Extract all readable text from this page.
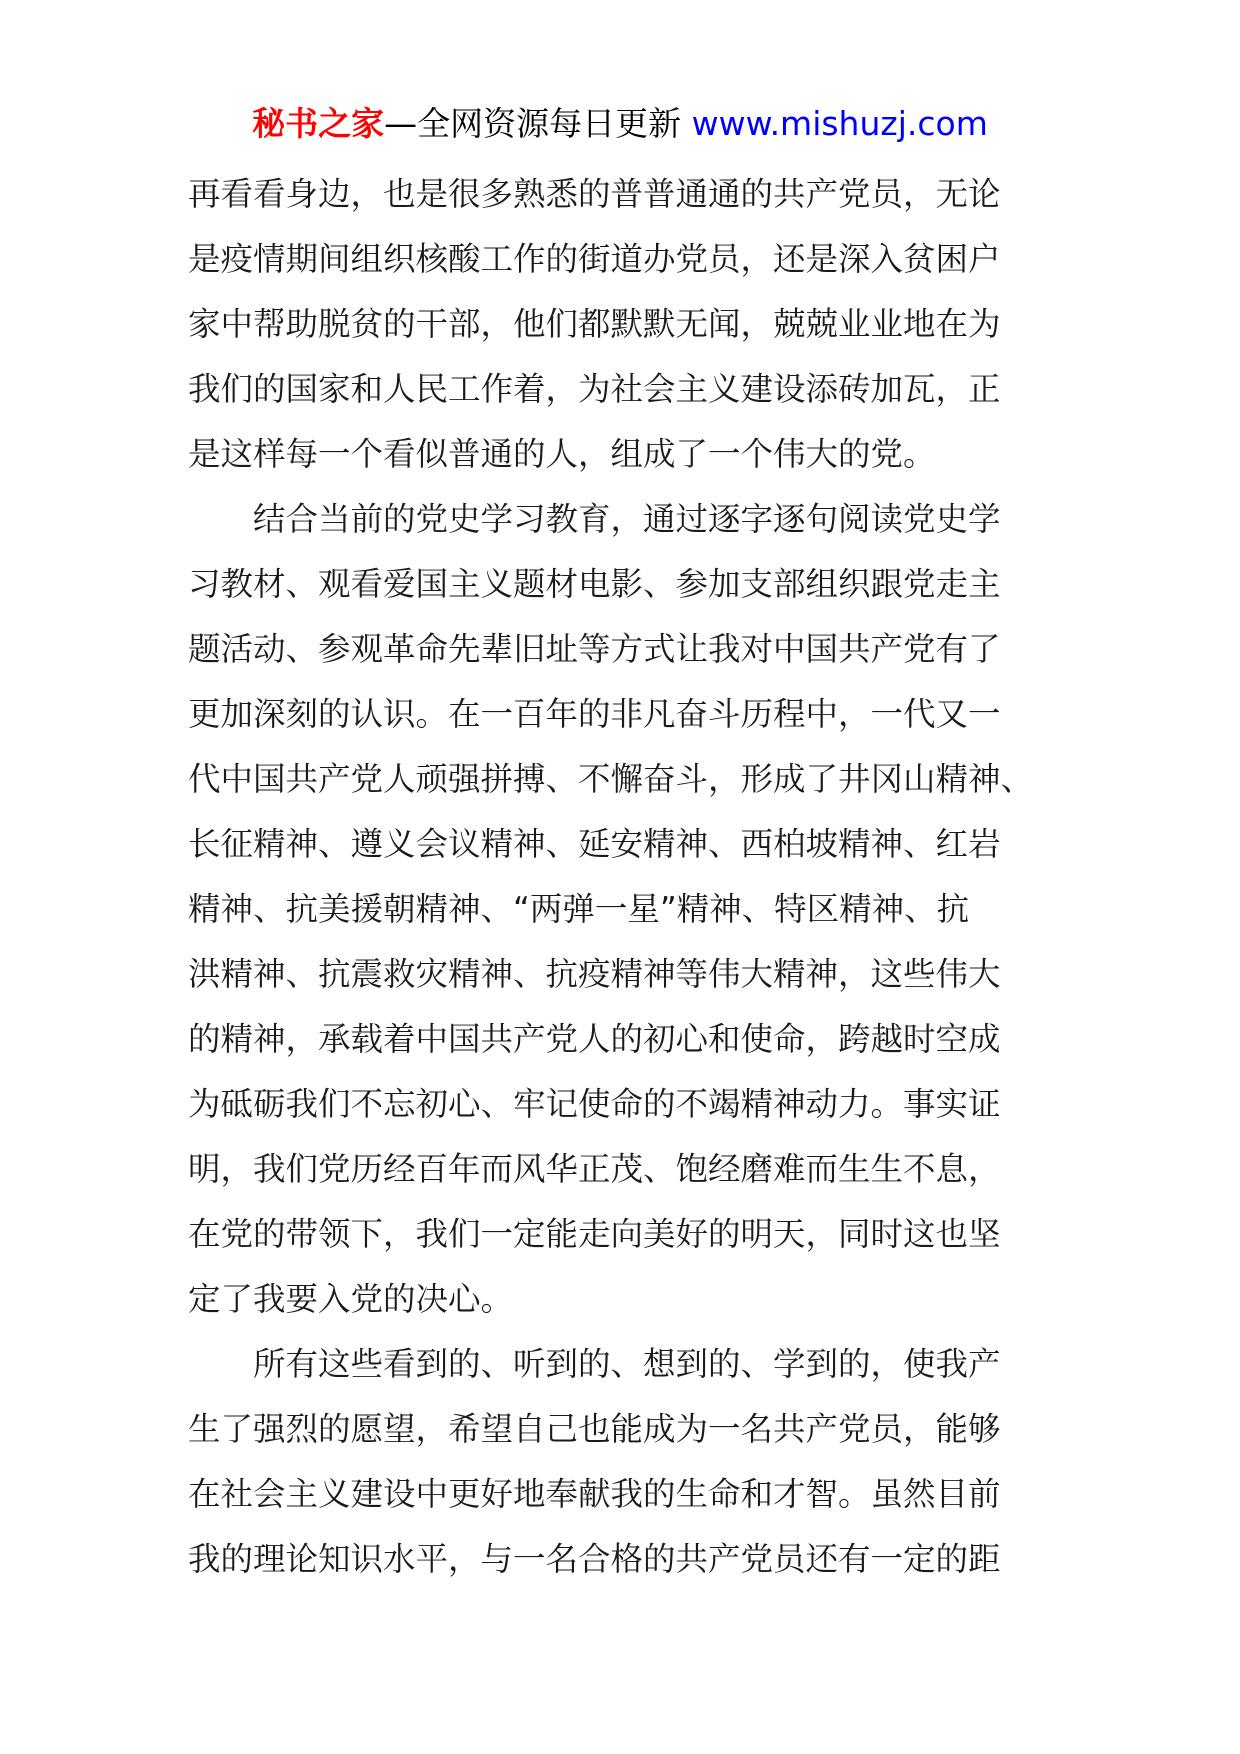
秘书之家—全网资源每日更新 www.mishuzj.com
再看看身边，也是很多熟悉的普普通通的共产党员，无论
是疫情期间组织核酸工作的街道办党员，还是深入贫困户
家中帮助脱贫的干部，他们都默默无闻，兢兢业业地在为
我们的国家和人民工作着，为社会主义建设添砖加瓦，正
是这样每一个看似普通的人，组成了一个伟大的党。
结合当前的党史学习教育，通过逐字逐句阅读党史学
习教材、观看爱国主义题材电影、参加支部组织跟党走主
题活动、参观革命先辈旧址等方式让我对中国共产党有了
更加深刻的认识。在一百年的非凡奋斗历程中，一代又一
代中国共产党人顽强拼搏、不懈奋斗，形成了井冈山精神、
长征精神、遵义会议精神、延安精神、西柏坡精神、红岩
精神、抗美援朝精神、“两弹一星”精神、特区精神、抗
洪精神、抗震救灾精神、抗疫精神等伟大精神，这些伟大
的精神，承载着中国共产党人的初心和使命，跨越时空成
为砥砺我们不忘初心、牢记使命的不竭精神动力。事实证
明，我们党历经百年而风华正茂、饱经磨难而生生不息，
在党的带领下，我们一定能走向美好的明天，同时这也坚
定了我要入党的决心。
所有这些看到的、听到的、想到的、学到的，使我产
生了强烈的愿望，希望自己也能成为一名共产党员，能够
在社会主义建设中更好地奉献我的生命和才智。虽然目前
我的理论知识水平，与一名合格的共产党员还有一定的距
